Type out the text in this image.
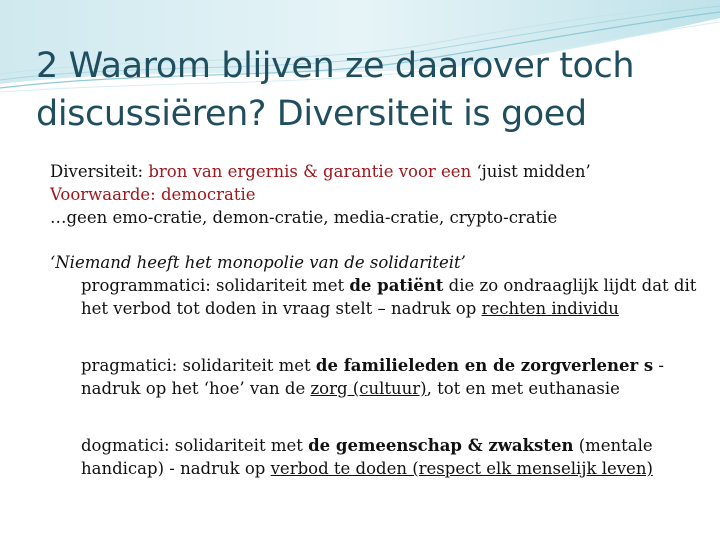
2 Waarom blijven ze daarover toch
discussiëren? Diversiteit is goed

Diversiteit: bron van ergernis & garantie voor een ‘juist midden’

Voorwaarde: democratie

…geen emo-cratie, demon-cratie, media-cratie, crypto-cratie

‘Niemand heeft het monopolie van de solidariteit’

programmatici: solidariteit met de patiënt die zo ondraaglijk lijdt dat dit het verbod tot doden in vraag stelt – nadruk op rechten individu

pragmatici: solidariteit met de familieleden en de zorgverlener s - nadruk op het ‘hoe’ van de zorg (cultuur), tot en met euthanasie

dogmatici: solidariteit met de gemeenschap & zwaksten (mentale handicap) - nadruk op verbod te doden (respect elk menselijk leven)
